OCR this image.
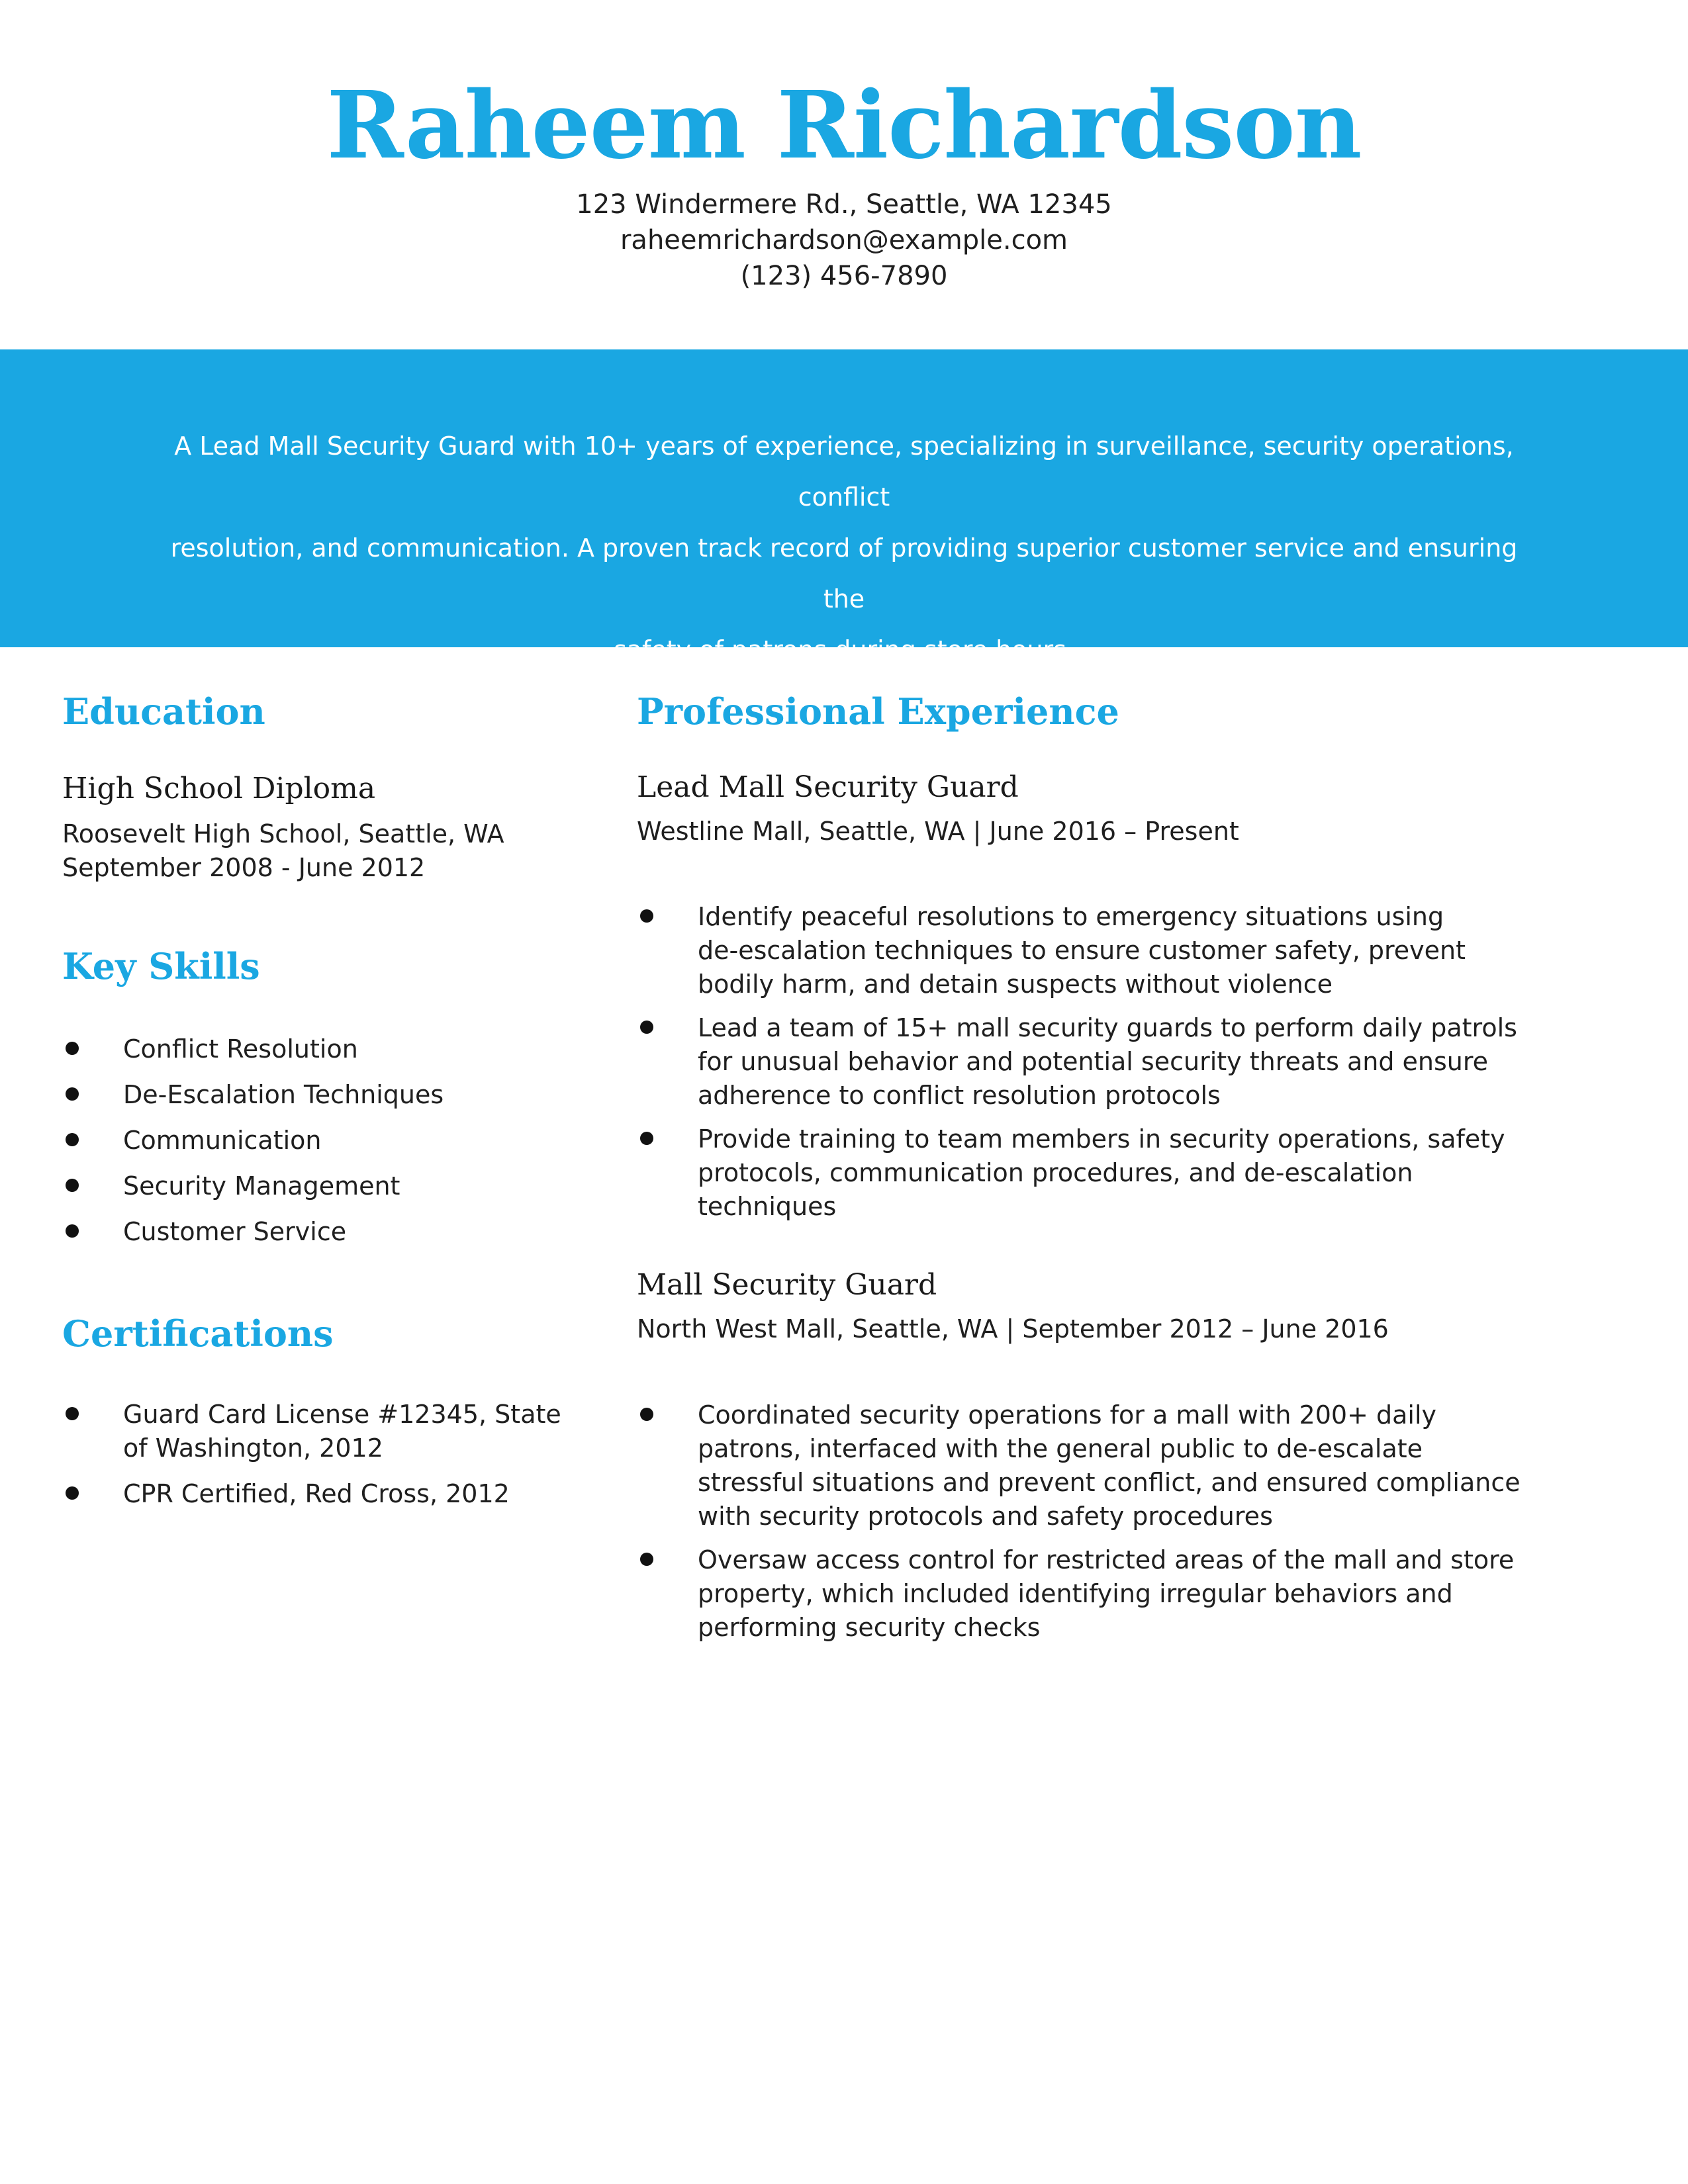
Raheem Richardson
123 Windermere Rd., Seattle, WA 12345
raheemrichardson@example.com
(123) 456-7890
A Lead Mall Security Guard with 10+ years of experience, specializing in surveillance, security operations, conflict
resolution, and communication. A proven track record of providing superior customer service and ensuring the
safety of patrons during store hours.
Education
High School Diploma
Roosevelt High School, Seattle, WA
September 2008 - June 2012
Key Skills
Conflict Resolution
De-Escalation Techniques
Communication
Security Management
Customer Service
Certifications
Guard Card License #12345, State
of Washington, 2012
CPR Certified, Red Cross, 2012
Professional Experience
Lead Mall Security Guard
Westline Mall, Seattle, WA | June 2016 – Present
Identify peaceful resolutions to emergency situations using
de-escalation techniques to ensure customer safety, prevent
bodily harm, and detain suspects without violence
Lead a team of 15+ mall security guards to perform daily patrols
for unusual behavior and potential security threats and ensure
adherence to conflict resolution protocols
Provide training to team members in security operations, safety
protocols, communication procedures, and de-escalation
techniques
Mall Security Guard
North West Mall, Seattle, WA | September 2012 – June 2016
Coordinated security operations for a mall with 200+ daily
patrons, interfaced with the general public to de-escalate
stressful situations and prevent conflict, and ensured compliance
with security protocols and safety procedures
Oversaw access control for restricted areas of the mall and store
property, which included identifying irregular behaviors and
performing security checks
